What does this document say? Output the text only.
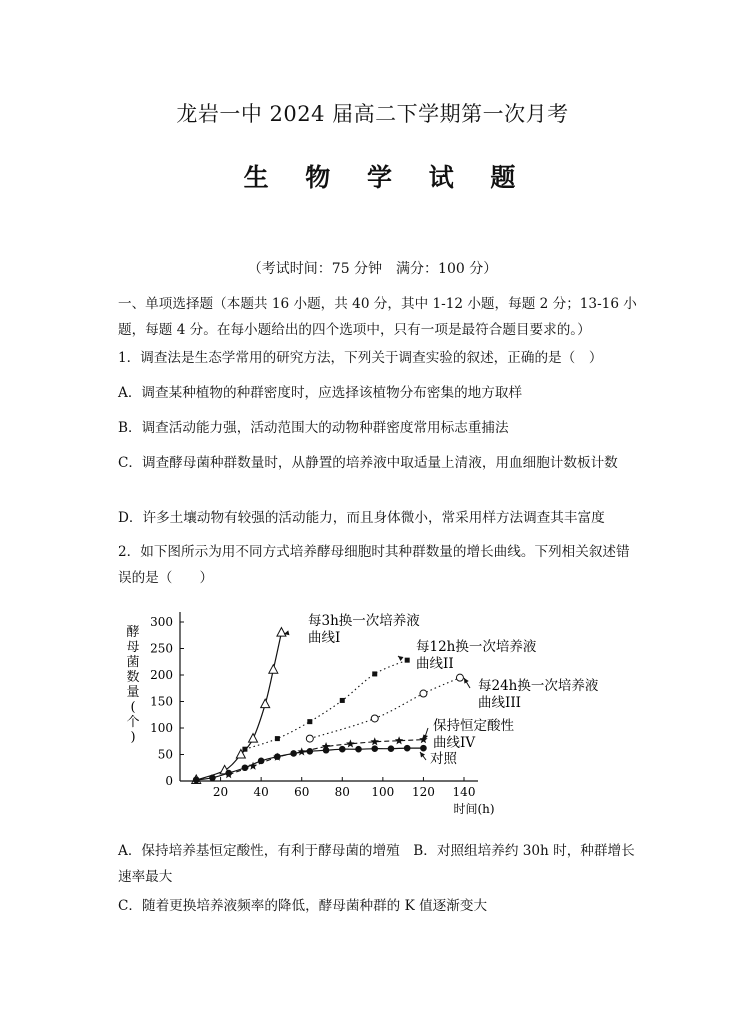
龙岩一中 2024 届高二下学期第一次月考
生 物 学 试 题
（考试时间：75 分钟　满分：100 分）
一、单项选择题（本题共 16 小题，共 40 分，其中 1-12 小题，每题 2 分；13-16 小题，每题 4 分。在每小题给出的四个选项中，只有一项是最符合题目要求的。）
1．调查法是生态学常用的研究方法，下列关于调查实验的叙述，正确的是（　）
A．调查某种植物的种群密度时，应选择该植物分布密集的地方取样
B．调查活动能力强，活动范围大的动物种群密度常用标志重捕法
C．调查酵母菌种群数量时，从静置的培养液中取适量上清液，用血细胞计数板计数
D．许多土壤动物有较强的活动能力，而且身体微小，常采用样方法调查其丰富度
2．如下图所示为用不同方式培养酵母细胞时其种群数量的增长曲线。下列相关叙述错误的是（　　）
0
50
100
150
200
250
300
20 40 60 80 100 120 140
时间(h)
酵
母
菌
数
量
(
个
)
每3h换一次培养液
曲线I
每12h换一次培养液
曲线II
每24h换一次培养液
曲线III
保持恒定酸性
曲线IV
对照
A．保持培养基恒定酸性，有利于酵母菌的增殖　B．对照组培养约 30h 时，种群增长速率最大
C．随着更换培养液频率的降低，酵母菌种群的 K 值逐渐变大
